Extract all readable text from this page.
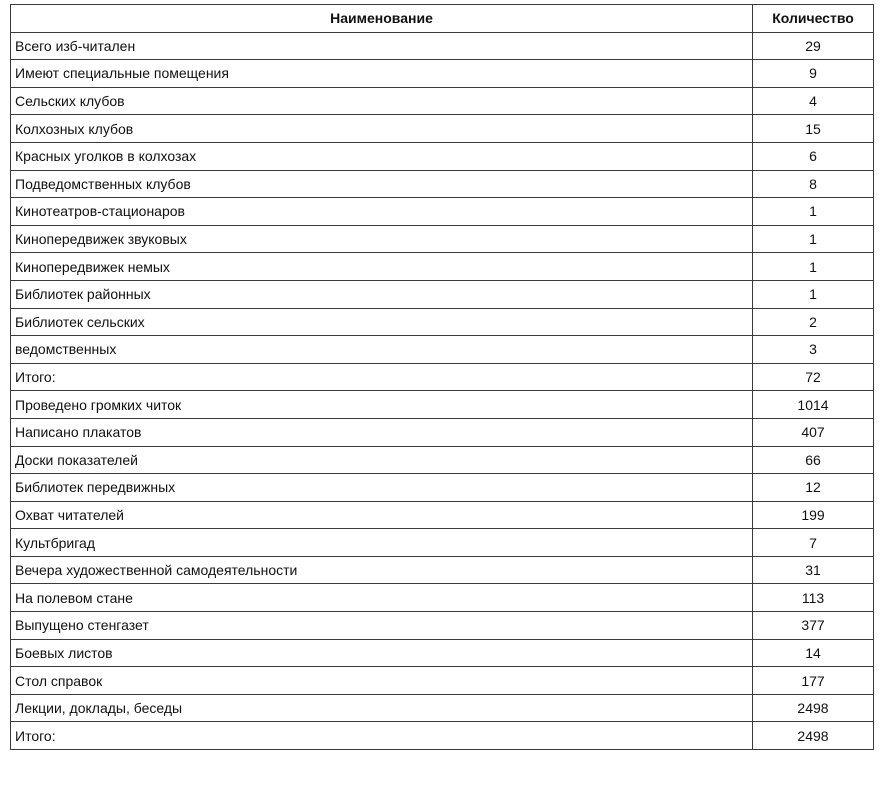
Наименование	Количество
Всего изб-читален	29
Имеют специальные помещения	9
Сельских клубов	4
Колхозных клубов	15
Красных уголков в колхозах	6
Подведомственных клубов	8
Кинотеатров-стационаров	1
Кинопередвижек звуковых	1
Кинопередвижек немых	1
Библиотек районных	1
Библиотек сельских	2
ведомственных	3
Итого:	72
Проведено громких читок	1014
Написано плакатов	407
Доски показателей	66
Библиотек передвижных	12
Охват читателей	199
Культбригад	7
Вечера художественной самодеятельности	31
На полевом стане	113
Выпущено стенгазет	377
Боевых листов	14
Стол справок	177
Лекции, доклады, беседы	2498
Итого:	2498
